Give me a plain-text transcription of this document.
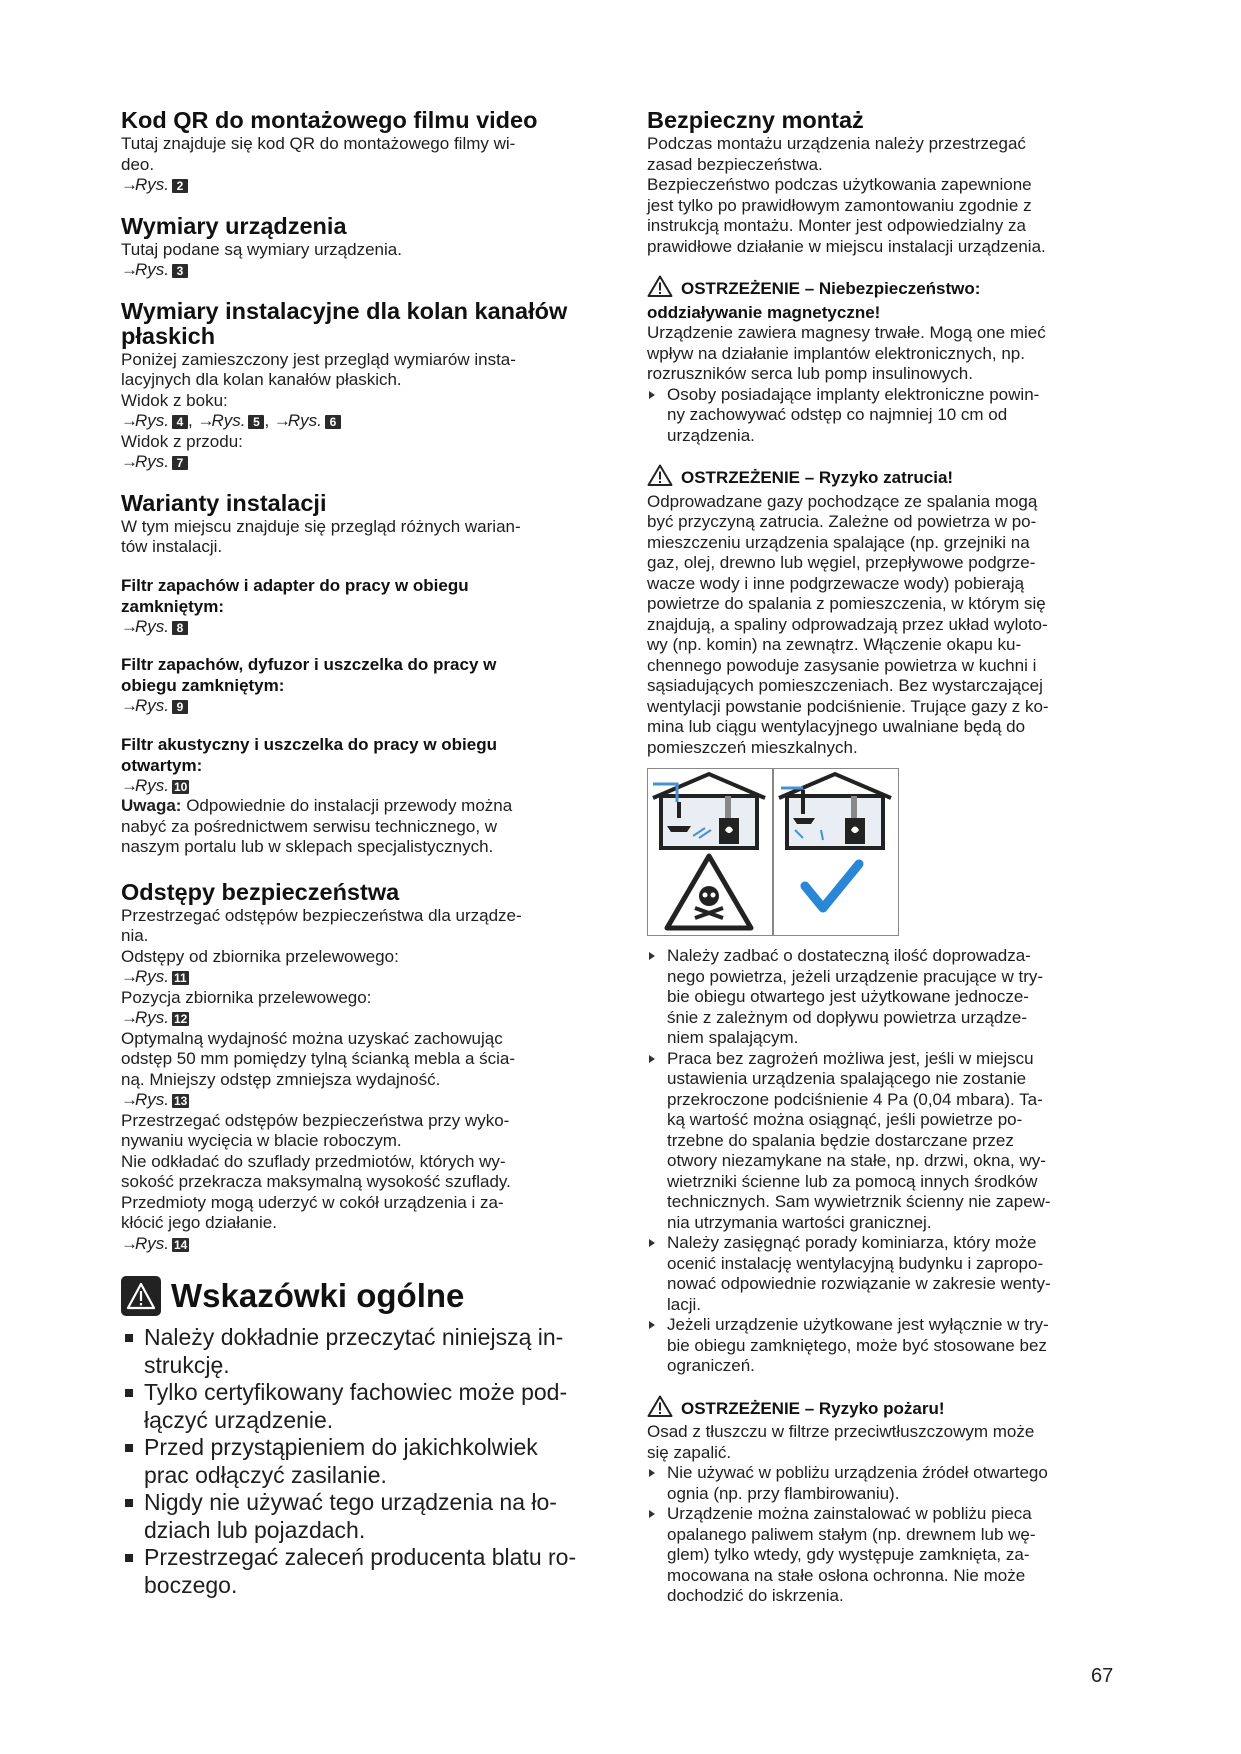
Kod QR do montażowego filmu video

Tutaj znajduje się kod QR do montażowego filmy wi-
deo.

→Rys. 2

Wymiary urządzenia

Tutaj podane są wymiary urządzenia.

→Rys. 3

Wymiary instalacyjne dla kolan kanałów
płaskich

Poniżej zamieszczony jest przegląd wymiarów insta-
lacyjnych dla kolan kanałów płaskich.
Widok z boku:

→Rys. 4 , →Rys. 5 , →Rys. 6

Widok z przodu:

→Rys. 7

Warianty instalacji

W tym miejscu znajduje się przegląd różnych warian-
tów instalacji.

Filtr zapachów i adapter do pracy w obiegu
zamkniętym:

→Rys. 8

Filtr zapachów, dyfuzor i uszczelka do pracy w
obiegu zamkniętym:

→Rys. 9

Filtr akustyczny i uszczelka do pracy w obiegu
otwartym:

→Rys. 10

Uwaga: Odpowiednie do instalacji przewody można
nabyć za pośrednictwem serwisu technicznego, w
naszym portalu lub w sklepach specjalistycznych.

Odstępy bezpieczeństwa

Przestrzegać odstępów bezpieczeństwa dla urządze-
nia.
Odstępy od zbiornika przelewowego:

→Rys. 11

Pozycja zbiornika przelewowego:

→Rys. 12

Optymalną wydajność można uzyskać zachowując
odstęp 50 mm pomiędzy tylną ścianką mebla a ścia-
ną. Mniejszy odstęp zmniejsza wydajność.

→Rys. 13

Przestrzegać odstępów bezpieczeństwa przy wyko-
nywaniu wycięcia w blacie roboczym.
Nie odkładać do szuflady przedmiotów, których wy-
sokość przekracza maksymalną wysokość szuflady.
Przedmioty mogą uderzyć w cokół urządzenia i za-
kłócić jego działanie.

→Rys. 14

Wskazówki ogólne
Należy dokładnie przeczytać niniejszą in-
strukcję.
Tylko certyfikowany fachowiec może pod-
łączyć urządzenie.
Przed przystąpieniem do jakichkolwiek
prac odłączyć zasilanie.
Nigdy nie używać tego urządzenia na ło-
dziach lub pojazdach.
Przestrzegać zaleceń producenta blatu ro-
boczego.
Bezpieczny montaż

Podczas montażu urządzenia należy przestrzegać
zasad bezpieczeństwa.
Bezpieczeństwo podczas użytkowania zapewnione
jest tylko po prawidłowym zamontowaniu zgodnie z
instrukcją montażu. Monter jest odpowiedzialny za
prawidłowe działanie w miejscu instalacji urządzenia.

OSTRZEŻENIE – Niebezpieczeństwo:
oddziaływanie magnetyczne!

Urządzenie zawiera magnesy trwałe. Mogą one mieć
wpływ na działanie implantów elektronicznych, np.
rozruszników serca lub pomp insulinowych.

Osoby posiadające implanty elektroniczne powin-
ny zachowywać odstęp co najmniej 10 cm od
urządzenia.

OSTRZEŻENIE – Ryzyko zatrucia!

Odprowadzane gazy pochodzące ze spalania mogą
być przyczyną zatrucia. Zależne od powietrza w po-
mieszczeniu urządzenia spalające (np. grzejniki na
gaz, olej, drewno lub węgiel, przepływowe podgrze-
wacze wody i inne podgrzewacze wody) pobierają
powietrze do spalania z pomieszczenia, w którym się
znajdują, a spaliny odprowadzają przez układ wyloto-
wy (np. komin) na zewnątrz. Włączenie okapu ku-
chennego powoduje zasysanie powietrza w kuchni i
sąsiadujących pomieszczeniach. Bez wystarczającej
wentylacji powstanie podciśnienie. Trujące gazy z ko-
mina lub ciągu wentylacyjnego uwalniane będą do
pomieszczeń mieszkalnych.

Należy zadbać o dostateczną ilość doprowadza-
nego powietrza, jeżeli urządzenie pracujące w try-
bie obiegu otwartego jest użytkowane jednocze-
śnie z zależnym od dopływu powietrza urządze-
niem spalającym.
Praca bez zagrożeń możliwa jest, jeśli w miejscu
ustawienia urządzenia spalającego nie zostanie
przekroczone podciśnienie 4 Pa (0,04 mbara). Ta-
ką wartość można osiągnąć, jeśli powietrze po-
trzebne do spalania będzie dostarczane przez
otwory niezamykane na stałe, np. drzwi, okna, wy-
wietrzniki ścienne lub za pomocą innych środków
technicznych. Sam wywietrznik ścienny nie zapew-
nia utrzymania wartości granicznej.
Należy zasięgnąć porady kominiarza, który może
ocenić instalację wentylacyjną budynku i zapropo-
nować odpowiednie rozwiązanie w zakresie wenty-
lacji.
Jeżeli urządzenie użytkowane jest wyłącznie w try-
bie obiegu zamkniętego, może być stosowane bez
ograniczeń.

OSTRZEŻENIE – Ryzyko pożaru!

Osad z tłuszczu w filtrze przeciwtłuszczowym może
się zapalić.

Nie używać w pobliżu urządzenia źródeł otwartego
ognia (np. przy flambirowaniu).
Urządzenie można zainstalować w pobliżu pieca
opalanego paliwem stałym (np. drewnem lub wę-
glem) tylko wtedy, gdy występuje zamknięta, za-
mocowana na stałe osłona ochronna. Nie może
dochodzić do iskrzenia.
67
